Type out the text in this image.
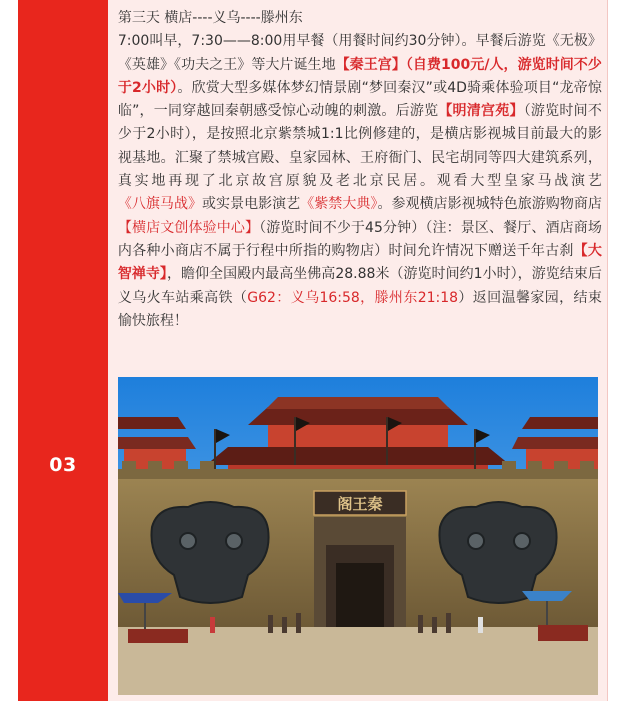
03
第三天 横店----义乌----滕州东
7:00叫早，7:30——8:00用早餐（用餐时间约30分钟）。早餐后游览《无极》《英雄》《功夫之王》等大片诞生地【秦王宫】（自费100元/人，游览时间不少于2小时）。欣赏大型多媒体梦幻情景剧“梦回秦汉”或4D骑乘体验项目“龙帝惊临”，一同穿越回秦朝感受惊心动魄的刺激。后游览【明清宫苑】（游览时间不少于2小时），是按照北京紫禁城1:1比例修建的，是横店影视城目前最大的影视基地。汇聚了禁城宫殿、皇家园林、王府衙门、民宅胡同等四大建筑系列，真实地再现了北京故宫原貌及老北京民居。观看大型皇家马战演艺《八旗马战》或实景电影演艺《紫禁大典》。参观横店影视城特色旅游购物商店【横店文创体验中心】（游览时间不少于45分钟）（注：景区、餐厅、酒店商场内各种小商店不属于行程中所指的购物店）时间允许情况下赠送千年古刹【大智禅寺】，瞻仰全国殿内最高坐佛高28.88米（游览时间约1小时），游览结束后义乌火车站乘高铁（G62：义乌16:58，滕州东21:18）返回温馨家园，结束愉快旅程！
阁王秦
